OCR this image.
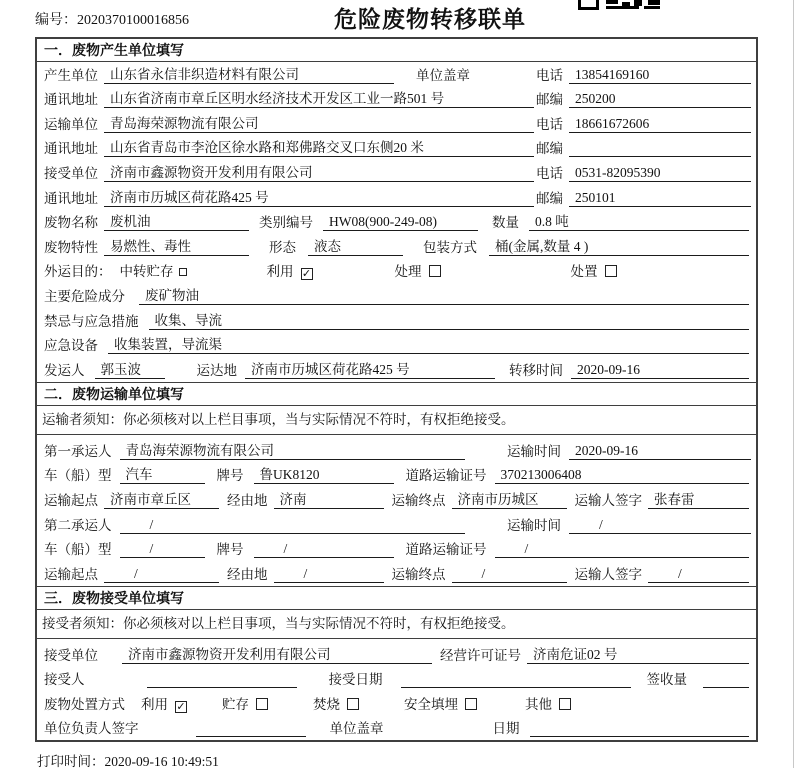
编号：2020370100016856	危险废物转移联单
一．废物产生单位填写
产生单位 山东省永信非织造材料有限公司	单位盖章	电话 13854169160
通讯地址 山东省济南市章丘区明水经济技术开发区工业一路501 号	邮编 250200
运输单位 青岛海荣源物流有限公司	电话 18661672606
通讯地址 山东省青岛市李沧区徐水路和郑佛路交叉口东侧20 米	邮编
接受单位 济南市鑫源物资开发利用有限公司	电话 0531-82095390
通讯地址 济南市历城区荷花路425 号	邮编 250101
废物名称 废机油	类别编号	HW08(900-249-08)	数量	0.8 吨
废物特性 易燃性、毒性	形态	液态	包装方式	桶(金属,数量 4 )
外运目的： 中转贮存	利用 ✓	处理	处置
主要危险成分	废矿物油
禁忌与应急措施	收集、导流
应急设备	收集装置，导流渠
发运人	郭玉波	运达地	济南市历城区荷花路425 号	转移时间	2020-09-16
二．废物运输单位填写
运输者须知：你必须核对以上栏目事项，当与实际情况不符时，有权拒绝接受。
第一承运人	青岛海荣源物流有限公司	运输时间	2020-09-16
车（船）型	汽车	牌号	鲁UK8120	道路运输证号	370213006408
运输起点 济南市章丘区	经由地 济南	运输终点 济南市历城区	运输人签字 张春雷
第二承运人	/	运输时间	/
车（船）型	/	牌号	/	道路运输证号	/
运输起点	/	经由地	/	运输终点	/	运输人签字	/
三．废物接受单位填写
接受者须知：你必须核对以上栏目事项，当与实际情况不符时，有权拒绝接受。
接受单位	济南市鑫源物资开发利用有限公司	经营许可证号 济南危证02 号
接受人	接受日期	签收量
废物处置方式 利用 ✓	贮存	焚烧	安全填埋	其他
单位负责人签字	单位盖章	日期
打印时间：2020-09-16 10:49:51
